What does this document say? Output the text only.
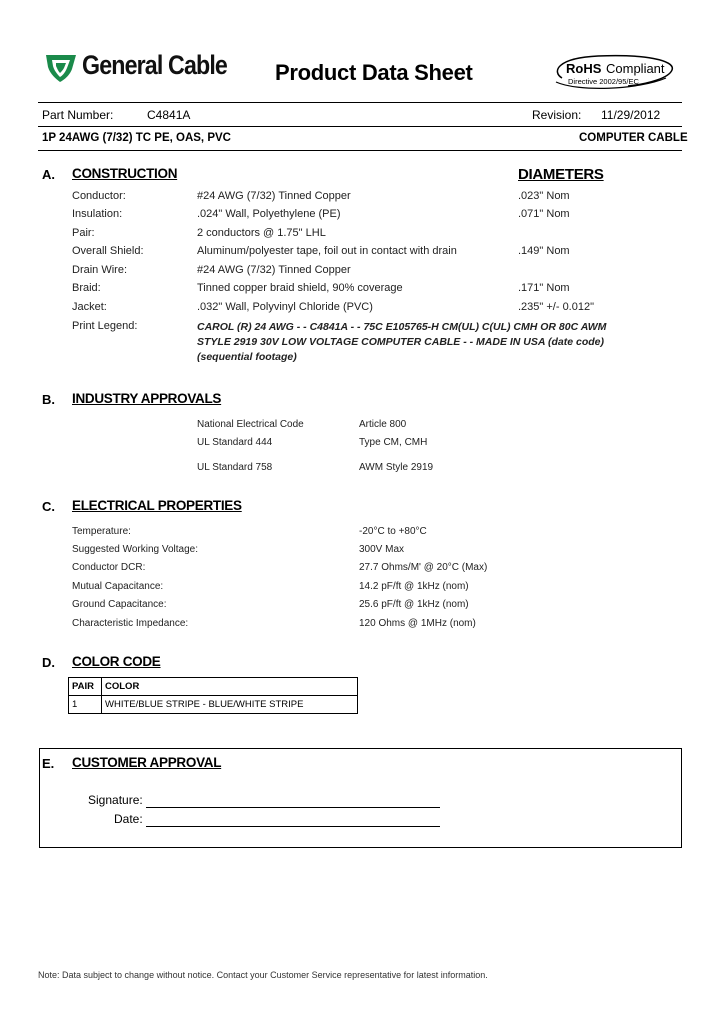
General Cable Product Data Sheet	RoHS Compliant
Directive 2002/95/EC
Part Number:	C4841A	Revision: 11/29/2012
1P 24AWG (7/32) TC PE, OAS, PVC	COMPUTER CABLE
A. CONSTRUCTION	DIAMETERS
Conductor:	#24 AWG (7/32) Tinned Copper	.023" Nom
Insulation:	.024" Wall, Polyethylene (PE)	.071" Nom
Pair:	2 conductors @ 1.75" LHL
Overall Shield:	Aluminum/polyester tape, foil out in contact with drain	.149" Nom
Drain Wire:	#24 AWG (7/32) Tinned Copper
Braid:	Tinned copper braid shield, 90% coverage	.171" Nom
Jacket:	.032" Wall, Polyvinyl Chloride (PVC)	.235" +/- 0.012"
Print Legend:	CAROL (R) 24 AWG - - C4841A - - 75C E105765-H CM(UL) C(UL) CMH OR 80C AWM
STYLE 2919 30V LOW VOLTAGE COMPUTER CABLE - - MADE IN USA (date code)
(sequential footage)
B. INDUSTRY APPROVALS
National Electrical Code	Article 800
UL Standard 444	Type CM, CMH
UL Standard 758	AWM Style 2919
C. ELECTRICAL PROPERTIES
Temperature:	-20°C to +80°C
Suggested Working Voltage:	300V Max
Conductor DCR:	27.7 Ohms/M' @ 20°C (Max)
Mutual Capacitance:	14.2 pF/ft @ 1kHz (nom)
Ground Capacitance:	25.6 pF/ft @ 1kHz (nom)
Characteristic Impedance:	120 Ohms @ 1MHz (nom)
D. COLOR CODE
PAIR	COLOR
1	WHITE/BLUE STRIPE - BLUE/WHITE STRIPE
E. CUSTOMER APPROVAL
Signature:
Date:
Note: Data subject to change without notice. Contact your Customer Service representative for latest information.
